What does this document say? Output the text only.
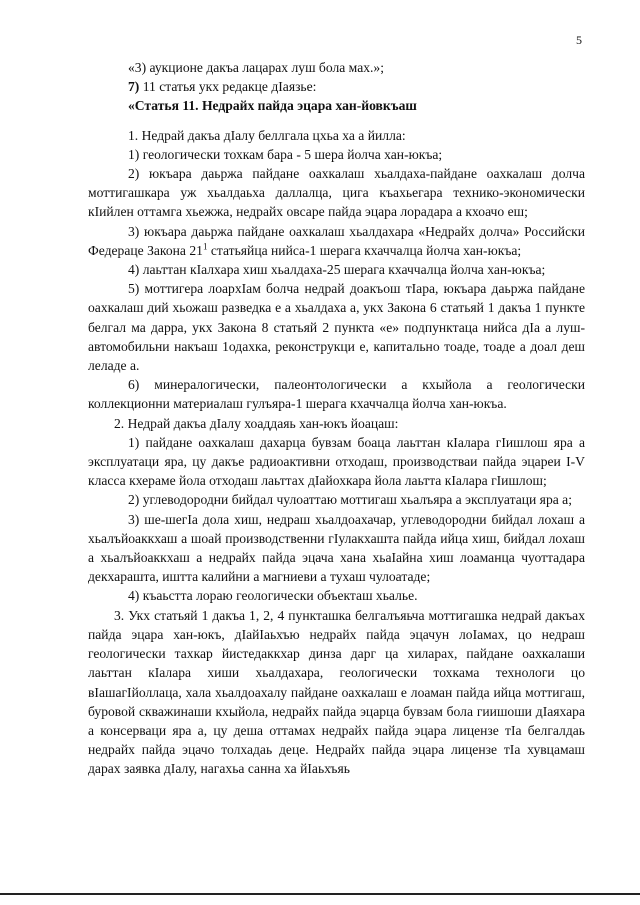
5

«3) аукционе дакъа лацарах луш бола мах.»;

7) 11 статья укх редакце дIаязье:

«Статья 11. Недрайх пайда эцара хан-йовкъаш

1. Недрай дакъа дIалу беллгала цхьа ха а йиллa:

1) геологически тохкам бара - 5 шера йолча хан-юкъа;

2) юкъара даьржа пайдане оахкалаш хьалдаха-пайдане оахкалаш долча моттигашкара уж хьалдаьха даллалца, цига къахьегара технико-экономически кIийлен оттамга хьежжа, недрайх овсаре пайда эцара лорадара а кхоачо еш;

3) юкъара даьржа пайдане оахкалаш хьалдахара «Недрайх долча» Российски Федераце Закона $21^1$ статьяйца нийса-1 шерага кхаччалца йолча хан-юкъа;

4) лаьттан кIалхара хиш хьалдаха-25 шерага кхаччалца йолча хан-юкъа;

5) моттигера лоархIам болча недрай доакъош тIара, юкъара даьржа пайдане оахкалаш дий хьожаш разведка е а хьалдаха а, укх Закона 6 статьяй 1 дакъа 1 пункте белгал ма дарра, укх Закона 8 статьяй 2 пункта «е» подпунктаца нийса дIа а луш-автомобильни накъаш 1одахка, реконструкци е, капитально тоаде, тоаде а доал деш леладе а.

6) минералогически, палеонтологически а кхыйола а геологически коллекционни материалаш гулъяра-1 шерага кхаччалца йолча хан-юкъа.

2. Недрай дакъа дIалу хоаддаяь хан-юкъ йоацаш:

1) пайдане оахкалаш дахарца бувзам боаца лаьттан кIалара гIишлош яра а эксплуатаци яра, цу дакъе радиоактивни отходаш, производстваи пайда эцареи I-V класса кхераме йола отходаш лаьттах дIайохкара йола лаьтта кIалара гIишлош;

2) углеводородни бийдал чулоаттаю моттигаш хьалъяра а эксплуатаци яра а;

3) ше-шегIа дола хиш, недраш хьалдоахачар, углеводородни бийдал лохаш а хьалъйоаккхаш а шоай производственни гIулакхашта пайда ийца хиш, бийдал лохаш а хьалъйоаккхаш а недрайх пайда эцача хана хьаIайна хиш лоаманца чуоттадара декхараштa, иштта калийни а магниеви а тухаш чулоатаде;

4) къаьстта лораю геологически объекташ хьалье.

3. Укх статьяй 1 дакъа 1, 2, 4 пункташка белгалъяьча моттигашка недрай дакъах пайда эцара хан-юкъ, дIайIаьхъю недрайх пайда эцачун лоIамах, цо недраш геологически тахкар йистедаккхар динза дарг ца хиларах, пайдане оахкалаши лаьттан кIалара хиши хьалдахара, геологически тохкама технологи цо вIашагIйоллаца, хала хьалдоахалу пайдане оахкалаш е лоаман пайда ийца моттигаш, буровой скважинаши кхыйола, недрайх пайда эцарца бувзам бола гиишоши дIаяхара а консерваци яра а, цу деша оттамах недрайх пайда эцара лицензе тIа белгалдаь недрайх пайда эцачо толхадаь деце. Недрайх пайда эцара лицензе тIа хувцамаш дарах заявка дIалу, нагахьа санна ха йIаьхъяь
